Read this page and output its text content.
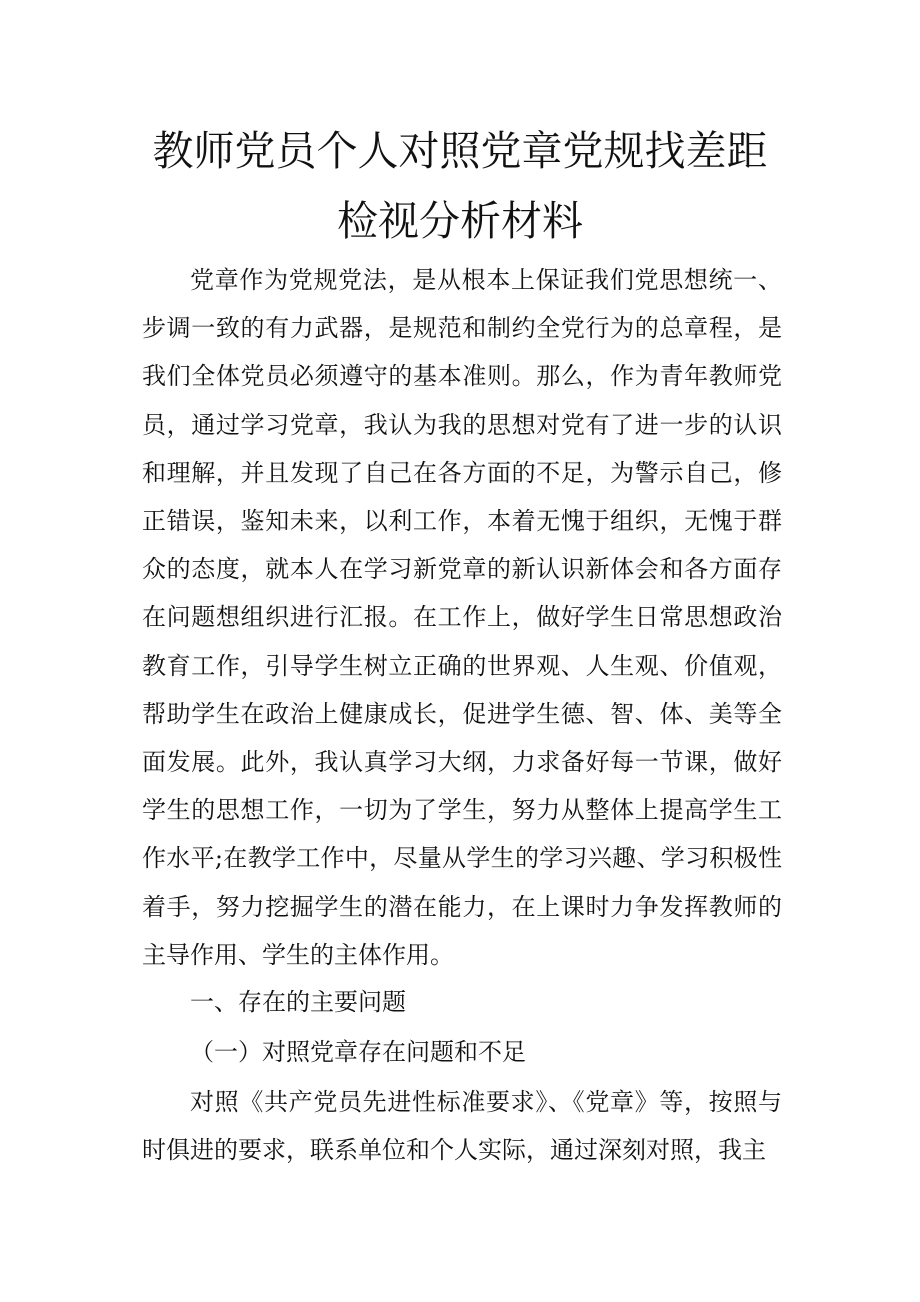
教师党员个人对照党章党规找差距
检视分析材料

党章作为党规党法，是从根本上保证我们党思想统一、步调一致的有力武器，是规范和制约全党行为的总章程，是我们全体党员必须遵守的基本准则。那么，作为青年教师党员，通过学习党章，我认为我的思想对党有了进一步的认识和理解，并且发现了自己在各方面的不足，为警示自己，修正错误，鉴知未来，以利工作，本着无愧于组织，无愧于群众的态度，就本人在学习新党章的新认识新体会和各方面存在问题想组织进行汇报。在工作上，做好学生日常思想政治教育工作，引导学生树立正确的世界观、人生观、价值观，帮助学生在政治上健康成长，促进学生德、智、体、美等全面发展。此外，我认真学习大纲，力求备好每一节课，做好学生的思想工作，一切为了学生，努力从整体上提高学生工作水平;在教学工作中，尽量从学生的学习兴趣、学习积极性着手，努力挖掘学生的潜在能力，在上课时力争发挥教师的主导作用、学生的主体作用。

一、存在的主要问题

（一）对照党章存在问题和不足

对照《共产党员先进性标准要求》、《党章》等，按照与时俱进的要求，联系单位和个人实际，通过深刻对照，我主
